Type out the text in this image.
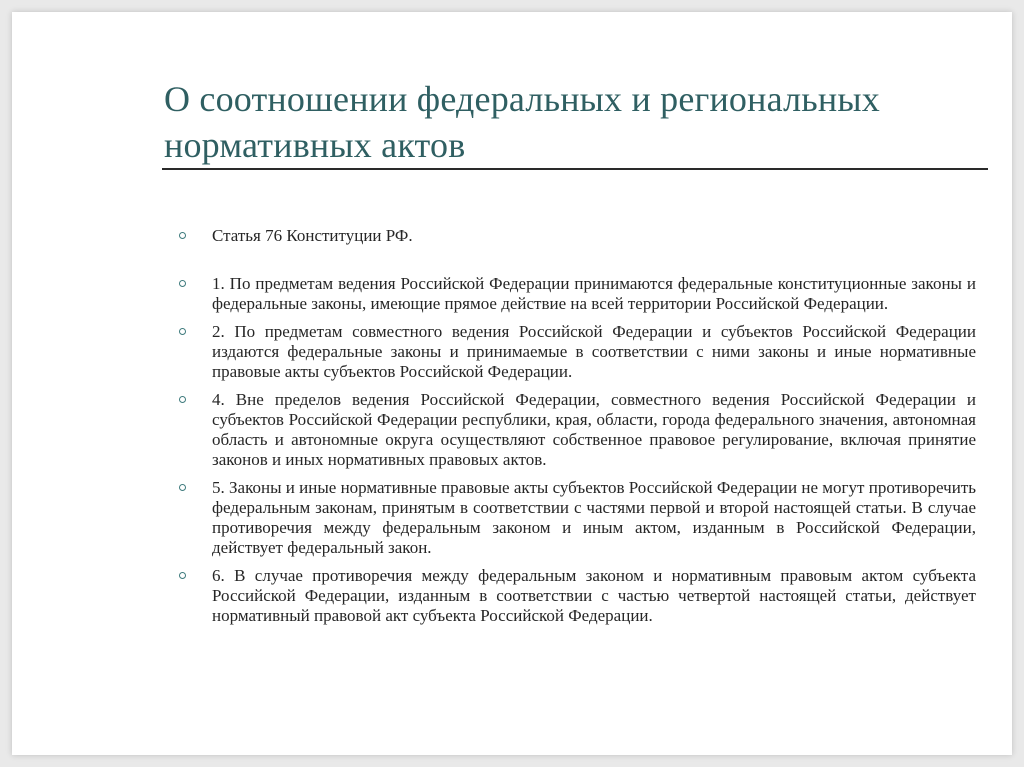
О соотношении федеральных и региональных
нормативных актов
Статья 76 Конституции РФ.
1. По предметам ведения Российской Федерации принимаются федеральные конституционные законы и федеральные законы, имеющие прямое действие на всей территории Российской Федерации.
2. По предметам совместного ведения Российской Федерации и субъектов Российской Федерации издаются федеральные законы и принимаемые в соответствии с ними законы и иные нормативные правовые акты субъектов Российской Федерации.
4. Вне пределов ведения Российской Федерации, совместного ведения Российской Федерации и субъектов Российской Федерации республики, края, области, города федерального значения, автономная область и автономные округа осуществляют собственное правовое регулирование, включая принятие законов и иных нормативных правовых актов.
5. Законы и иные нормативные правовые акты субъектов Российской Федерации не могут противоречить федеральным законам, принятым в соответствии с частями первой и второй настоящей статьи. В случае противоречия между федеральным законом и иным актом, изданным в Российской Федерации, действует федеральный закон.
6. В случае противоречия между федеральным законом и нормативным правовым актом субъекта Российской Федерации, изданным в соответствии с частью четвертой настоящей статьи, действует нормативный правовой акт субъекта Российской Федерации.
